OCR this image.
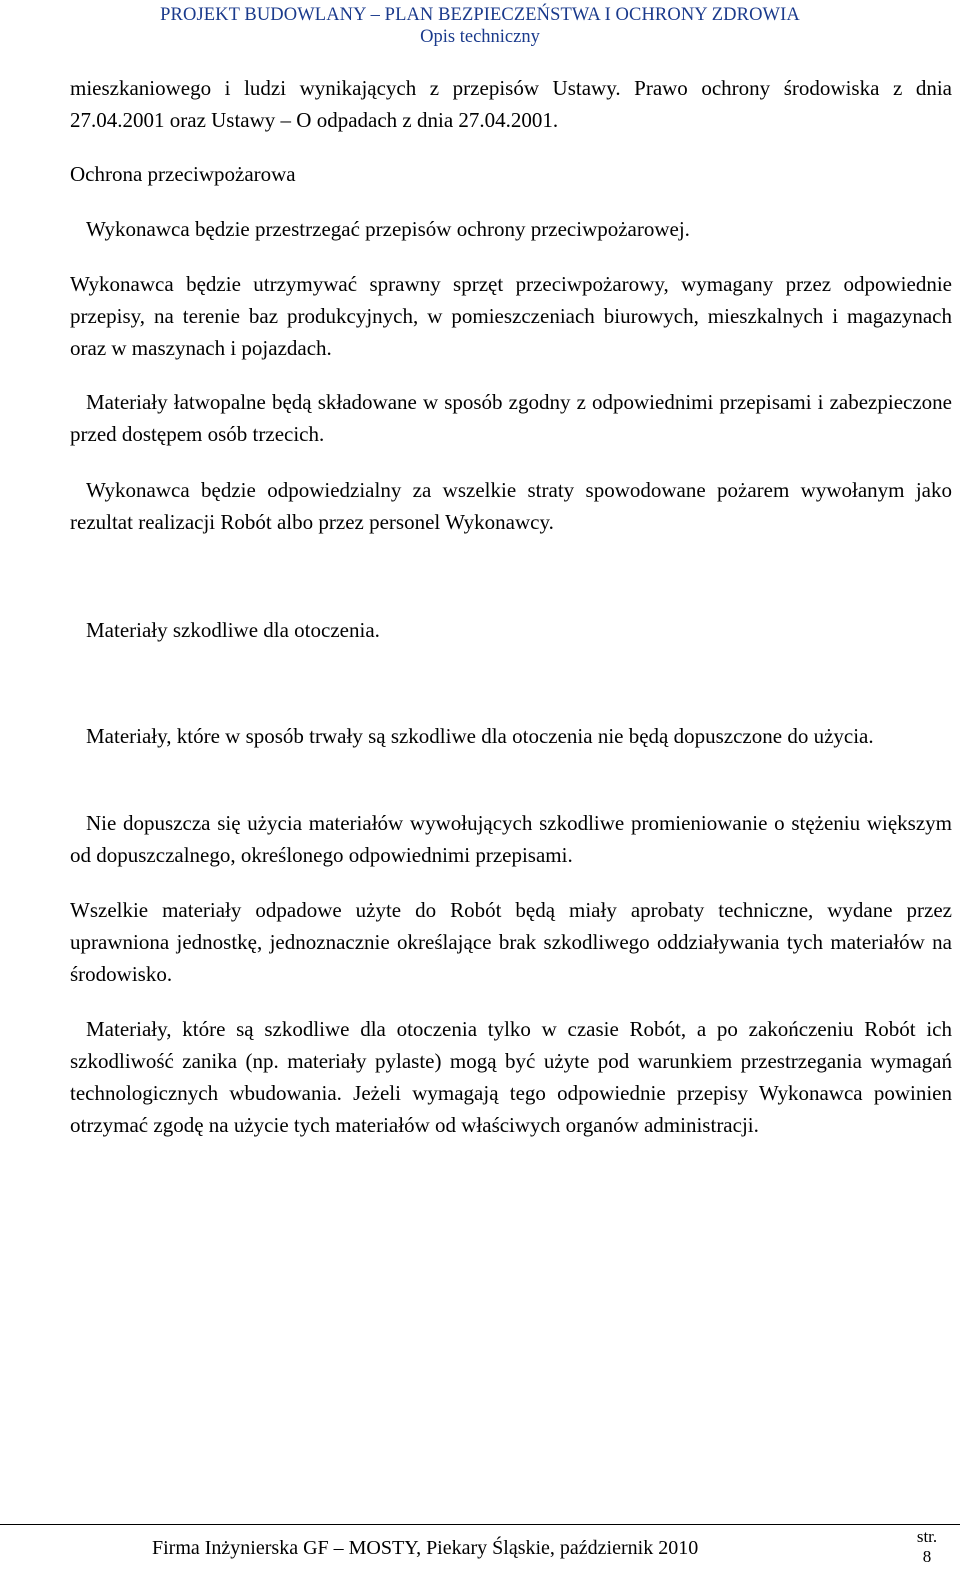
PROJEKT BUDOWLANY – PLAN BEZPIECZEŃSTWA I OCHRONY ZDROWIA
Opis techniczny

mieszkaniowego i ludzi wynikających z przepisów Ustawy. Prawo ochrony środowiska z dnia 27.04.2001 oraz Ustawy – O odpadach z dnia 27.04.2001.

Ochrona przeciwpożarowa

Wykonawca będzie przestrzegać przepisów ochrony przeciwpożarowej.

Wykonawca będzie utrzymywać sprawny sprzęt przeciwpożarowy, wymagany przez odpowiednie przepisy, na terenie baz produkcyjnych, w pomieszczeniach biurowych, mieszkalnych i magazynach oraz w maszynach i pojazdach.

Materiały łatwopalne będą składowane w sposób zgodny z odpowiednimi przepisami i zabezpieczone przed dostępem osób trzecich.

Wykonawca będzie odpowiedzialny za wszelkie straty spowodowane pożarem wywołanym jako rezultat realizacji Robót albo przez personel Wykonawcy.

Materiały szkodliwe dla otoczenia.

Materiały, które w sposób trwały są szkodliwe dla otoczenia nie będą dopuszczone do użycia.

Nie dopuszcza się użycia materiałów wywołujących szkodliwe promieniowanie o stężeniu większym od dopuszczalnego, określonego odpowiednimi przepisami.

Wszelkie materiały odpadowe użyte do Robót będą miały aprobaty techniczne, wydane przez uprawniona jednostkę, jednoznacznie określające brak szkodliwego oddziaływania tych materiałów na środowisko.

Materiały, które są szkodliwe dla otoczenia tylko w czasie Robót, a po zakończeniu Robót ich szkodliwość zanika (np. materiały pylaste) mogą być użyte pod warunkiem przestrzegania wymagań technologicznych wbudowania. Jeżeli wymagają tego odpowiednie przepisy Wykonawca powinien otrzymać zgodę na użycie tych materiałów od właściwych organów administracji.

Firma Inżynierska GF – MOSTY, Piekary Śląskie, październik 2010
str.
8
